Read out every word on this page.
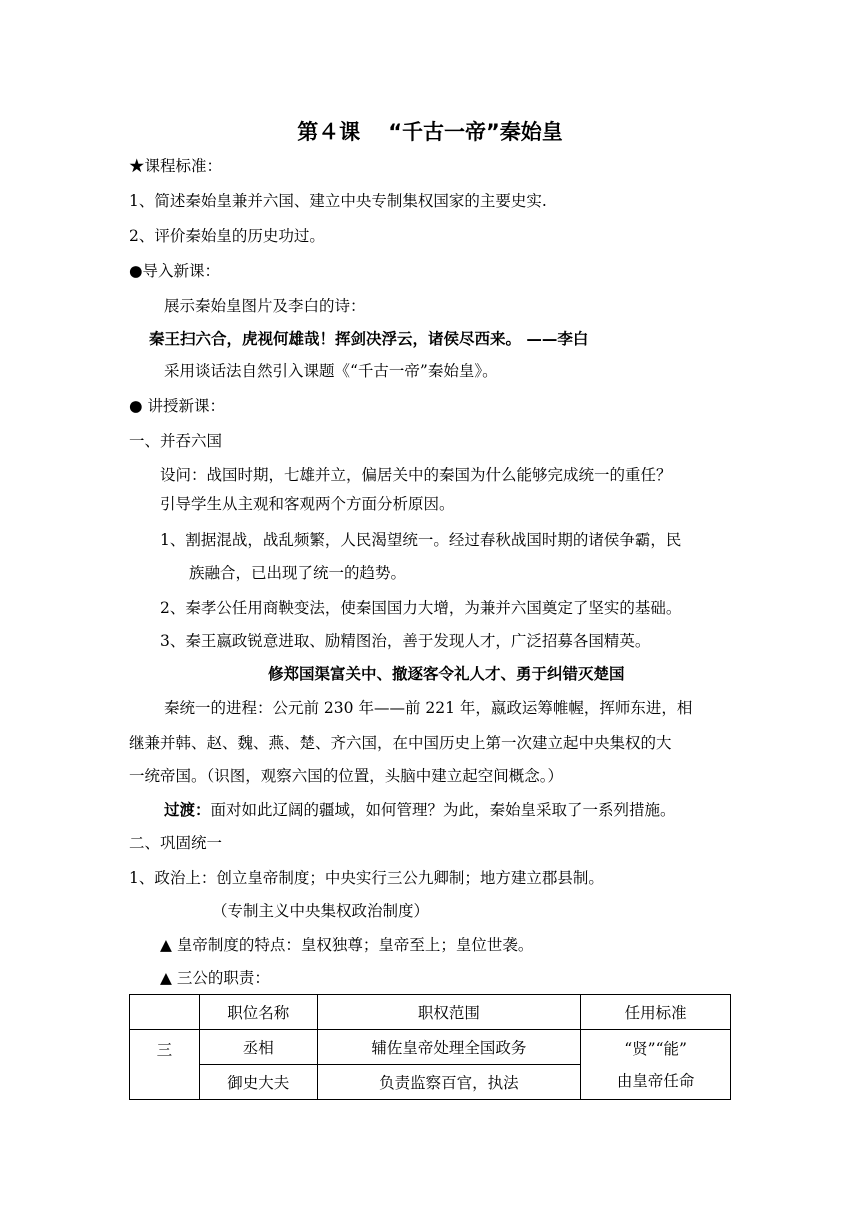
第４课 “千古一帝”秦始皇
★课程标准：
1、简述秦始皇兼并六国、建立中央专制集权国家的主要史实.
2、评价秦始皇的历史功过。
●导入新课：
展示秦始皇图片及李白的诗：
秦王扫六合，虎视何雄哉！挥剑决浮云，诸侯尽西来。 ——李白
采用谈话法自然引入课题《“千古一帝”秦始皇》。
● 讲授新课：
一、并吞六国
设问：战国时期，七雄并立，偏居关中的秦国为什么能够完成统一的重任？
引导学生从主观和客观两个方面分析原因。
1、割据混战，战乱频繁，人民渴望统一。经过春秋战国时期的诸侯争霸，民
族融合，已出现了统一的趋势。
2、秦孝公任用商鞅变法，使秦国国力大增，为兼并六国奠定了坚实的基础。
3、秦王嬴政锐意进取、励精图治，善于发现人才，广泛招募各国精英。
修郑国渠富关中、撤逐客令礼人才、勇于纠错灭楚国
秦统一的进程：公元前 230 年——前 221 年，嬴政运筹帷幄，挥师东进，相
继兼并韩、赵、魏、燕、楚、齐六国，在中国历史上第一次建立起中央集权的大
一统帝国。（识图，观察六国的位置，头脑中建立起空间概念。）
过渡：面对如此辽阔的疆域，如何管理？为此，秦始皇采取了一系列措施。
二、巩固统一
1、政治上：创立皇帝制度；中央实行三公九卿制；地方建立郡县制。
（专制主义中央集权政治制度）
▲ 皇帝制度的特点：皇权独尊；皇帝至上；皇位世袭。
▲ 三公的职责：
	职位名称	职权范围	任用标准
三	丞相	辅佐皇帝处理全国政务	“贤”“能”
由皇帝任命

	御史大夫	负责监察百官，执法	
